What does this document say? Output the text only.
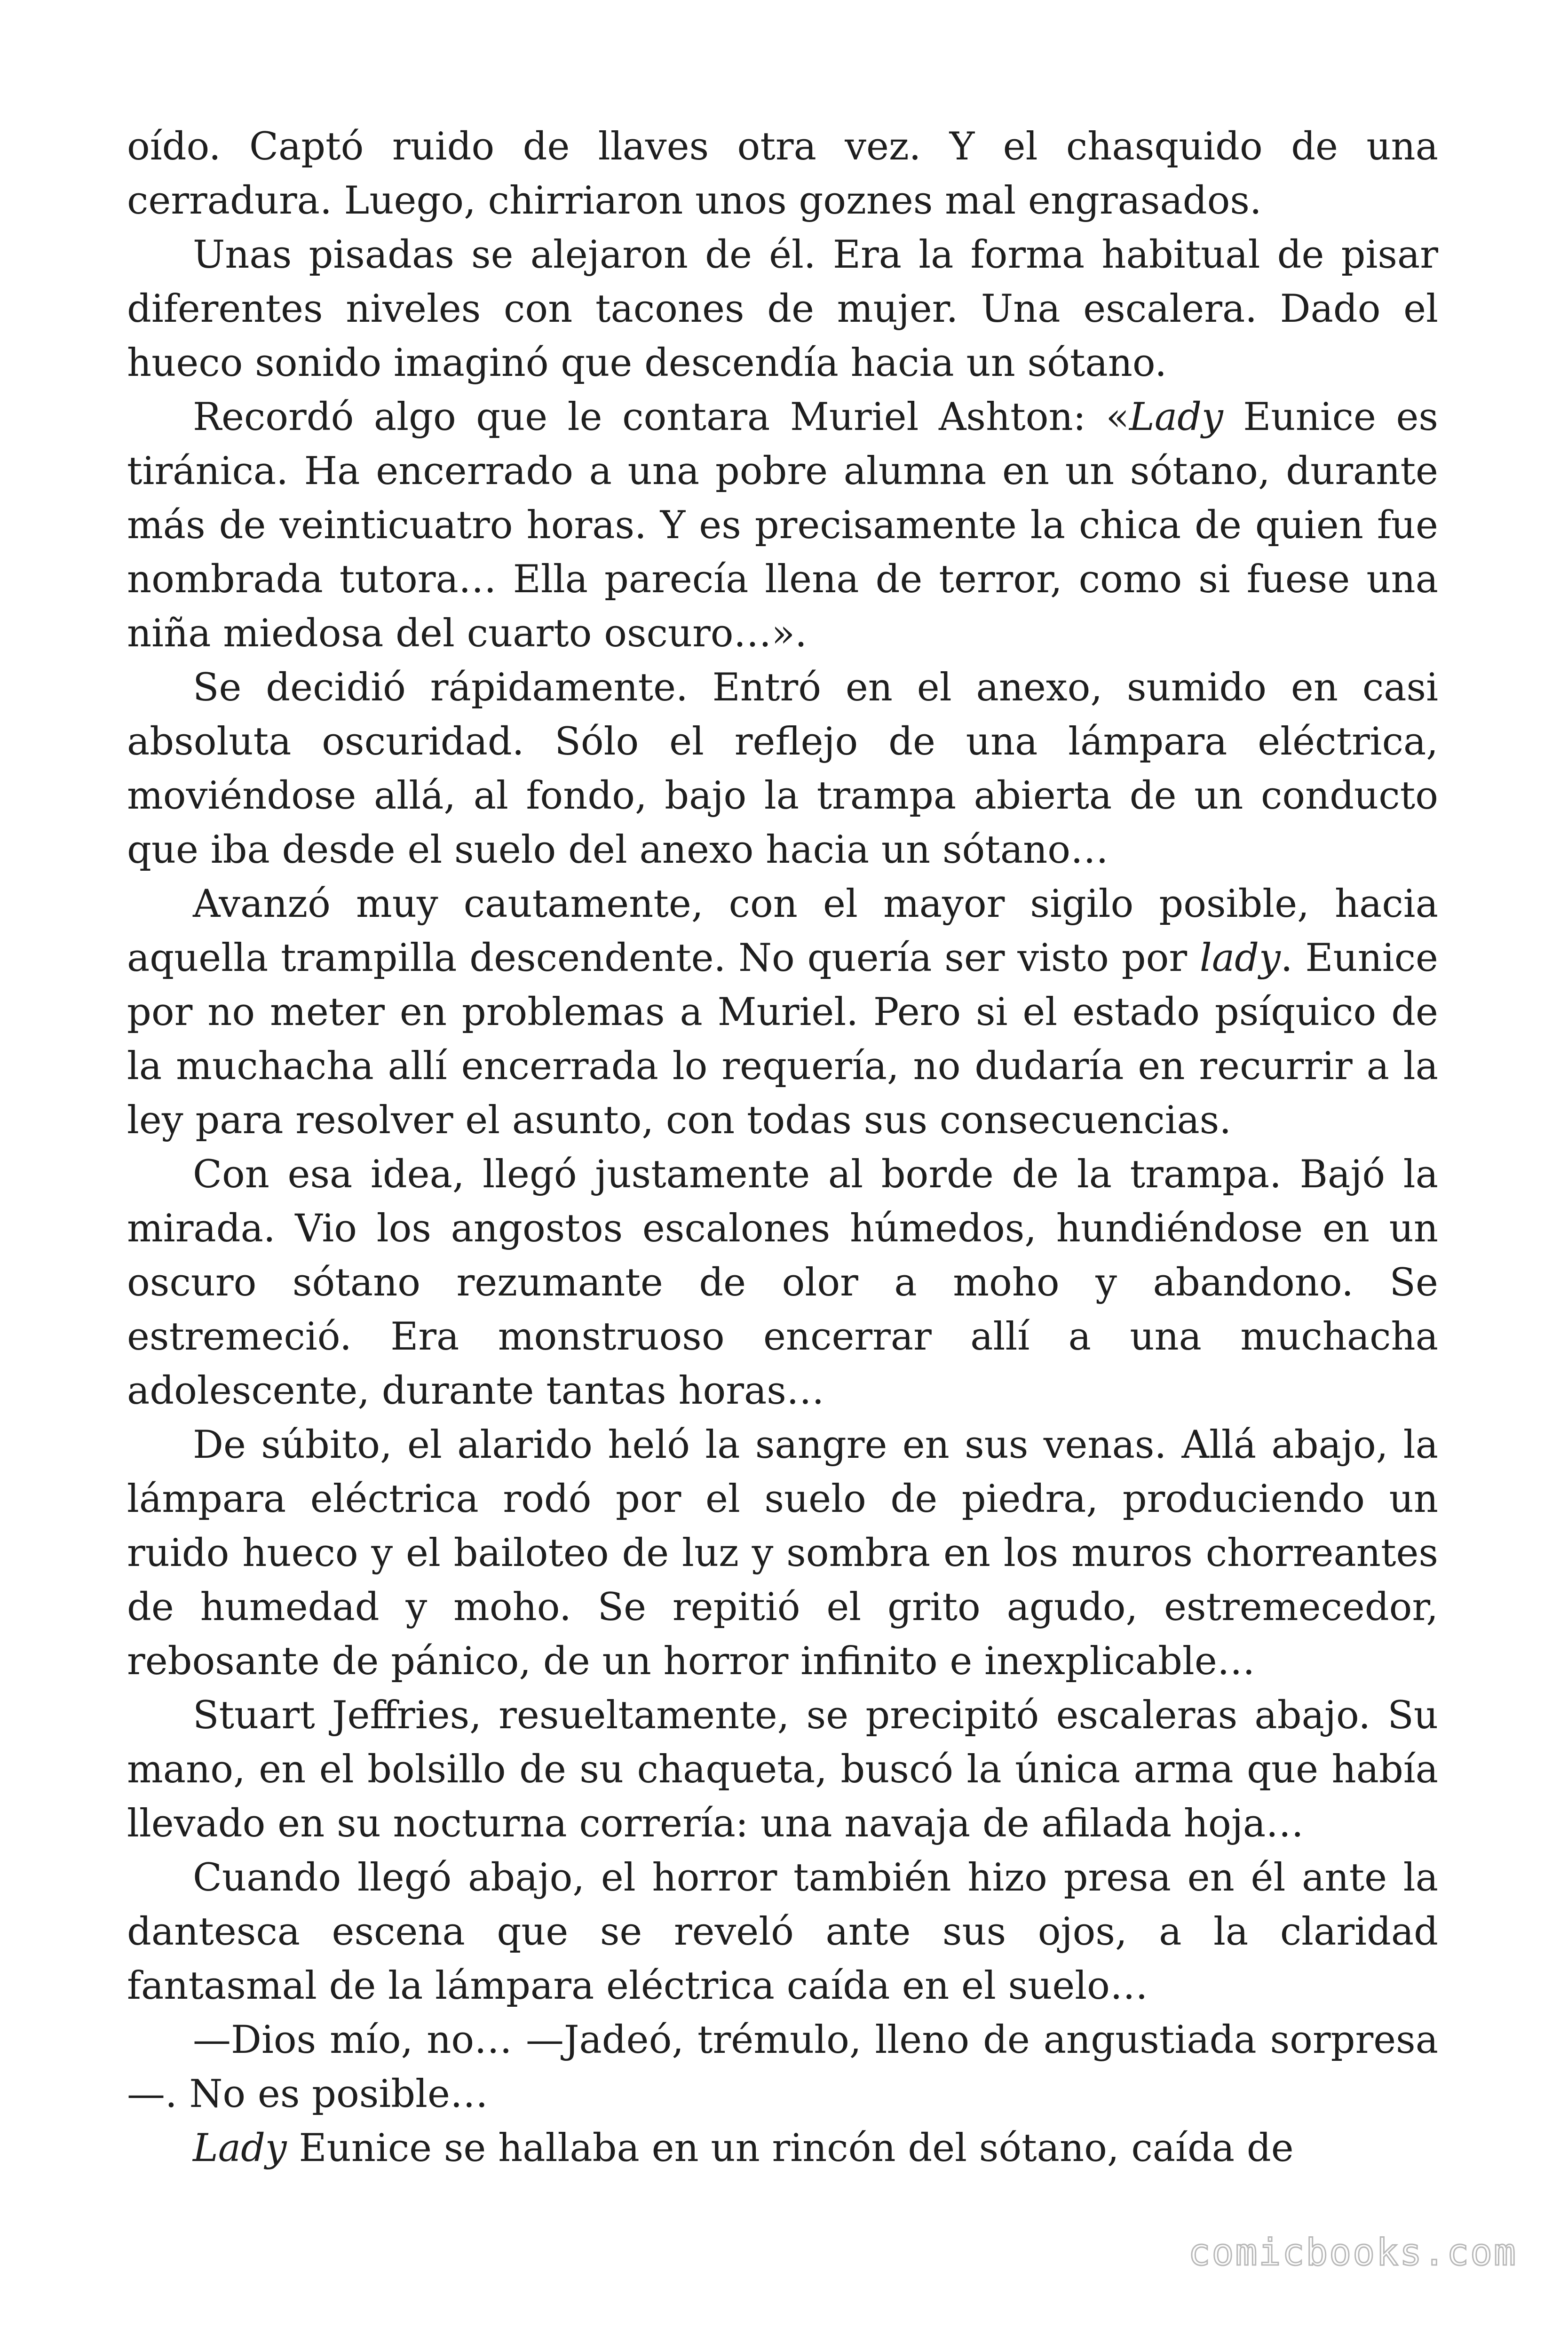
oído. Captó ruido de llaves otra vez. Y el chasquido de una cerradura. Luego, chirriaron unos goznes mal engrasados.

Unas pisadas se alejaron de él. Era la forma habitual de pisar diferentes niveles con tacones de mujer. Una escalera. Dado el hueco sonido imaginó que descendía hacia un sótano.

Recordó algo que le contara Muriel Ashton: «Lady Eunice es tiránica. Ha encerrado a una pobre alumna en un sótano, durante más de veinticuatro horas. Y es precisamente la chica de quien fue nombrada tutora… Ella parecía llena de terror, como si fuese una niña miedosa del cuarto oscuro…».

Se decidió rápidamente. Entró en el anexo, sumido en casi absoluta oscuridad. Sólo el reflejo de una lámpara eléctrica, moviéndose allá, al fondo, bajo la trampa abierta de un conducto que iba desde el suelo del anexo hacia un sótano…

Avanzó muy cautamente, con el mayor sigilo posible, hacia aquella trampilla descendente. No quería ser visto por lady. Eunice por no meter en problemas a Muriel. Pero si el estado psíquico de la muchacha allí encerrada lo requería, no dudaría en recurrir a la ley para resolver el asunto, con todas sus consecuencias.

Con esa idea, llegó justamente al borde de la trampa. Bajó la mirada. Vio los angostos escalones húmedos, hundiéndose en un oscuro sótano rezumante de olor a moho y abandono. Se estremeció. Era monstruoso encerrar allí a una muchacha adolescente, durante tantas horas…

De súbito, el alarido heló la sangre en sus venas. Allá abajo, la lámpara eléctrica rodó por el suelo de piedra, produciendo un ruido hueco y el bailoteo de luz y sombra en los muros chorreantes de humedad y moho. Se repitió el grito agudo, estremecedor, rebosante de pánico, de un horror infinito e inexplicable…

Stuart Jeffries, resueltamente, se precipitó escaleras abajo. Su mano, en el bolsillo de su chaqueta, buscó la única arma que había llevado en su nocturna correría: una navaja de afilada hoja…

Cuando llegó abajo, el horror también hizo presa en él ante la dantesca escena que se reveló ante sus ojos, a la claridad fantasmal de la lámpara eléctrica caída en el suelo…

—Dios mío, no… —Jadeó, trémulo, lleno de angustiada sorpresa —. No es posible…

Lady Eunice se hallaba en un rincón del sótano, caída de

comicbooks.com
